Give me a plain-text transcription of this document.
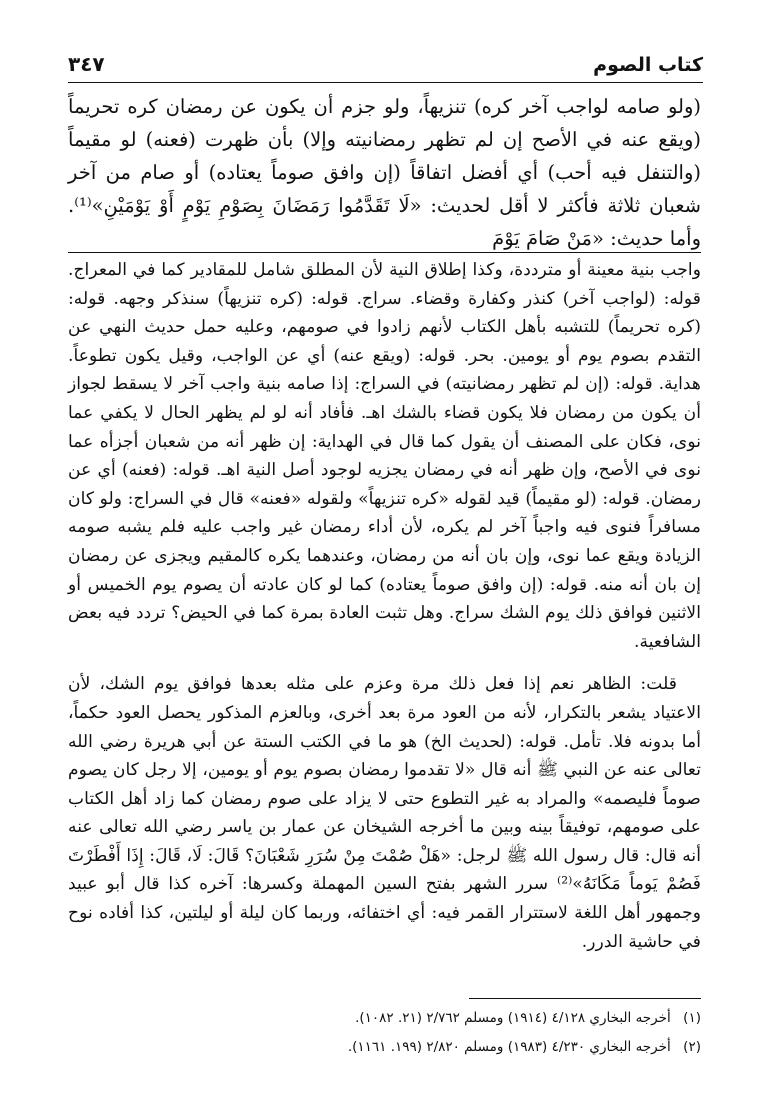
كتاب الصوم
٣٤٧

(ولو صامه لواجب آخر كره) تنزيهاً، ولو جزم أن يكون عن رمضان كره تحريماً (ويقع عنه في الأصح إن لم تظهر رمضانيته وإلا) بأن ظهرت (فعنه) لو مقيماً (والتنفل فيه أحب) أي أفضل اتفاقاً (إن وافق صوماً يعتاده) أو صام من آخر شعبان ثلاثة فأكثر لا أقل لحديث: «لَا تَقَدَّمُوا رَمَضَانَ بِصَوْمِ يَوْمٍ أَوْ يَوْمَيْنِ»⁽¹⁾. وأما حديث: «مَنْ صَامَ يَوْمَ

واجب بنية معينة أو مترددة، وكذا إطلاق النية لأن المطلق شامل للمقادير كما في المعراج. قوله: (لواجب آخر) كنذر وكفارة وقضاء. سراج. قوله: (كره تنزيهاً) سنذكر وجهه. قوله: (كره تحريماً) للتشبه بأهل الكتاب لأنهم زادوا في صومهم، وعليه حمل حديث النهي عن التقدم بصوم يوم أو يومين. بحر. قوله: (ويقع عنه) أي عن الواجب، وقيل يكون تطوعاً. هداية. قوله: (إن لم تظهر رمضانيته) في السراج: إذا صامه بنية واجب آخر لا يسقط لجواز أن يكون من رمضان فلا يكون قضاء بالشك اهـ. فأفاد أنه لو لم يظهر الحال لا يكفي عما نوى، فكان على المصنف أن يقول كما قال في الهداية: إن ظهر أنه من شعبان أجزأه عما نوى في الأصح، وإن ظهر أنه في رمضان يجزيه لوجود أصل النية اهـ. قوله: (فعنه) أي عن رمضان. قوله: (لو مقيماً) قيد لقوله «كره تنزيهاً» ولقوله «فعنه» قال في السراج: ولو كان مسافراً فنوى فيه واجباً آخر لم يكره، لأن أداء رمضان غير واجب عليه فلم يشبه صومه الزيادة ويقع عما نوى، وإن بان أنه من رمضان، وعندهما يكره كالمقيم ويجزى عن رمضان إن بان أنه منه. قوله: (إن وافق صوماً يعتاده) كما لو كان عادته أن يصوم يوم الخميس أو الاثنين فوافق ذلك يوم الشك سراج. وهل تثبت العادة بمرة كما في الحيض؟ تردد فيه بعض الشافعية.

قلت: الظاهر نعم إذا فعل ذلك مرة وعزم على مثله بعدها فوافق يوم الشك، لأن الاعتياد يشعر بالتكرار، لأنه من العود مرة بعد أخرى، وبالعزم المذكور يحصل العود حكماً، أما بدونه فلا. تأمل. قوله: (لحديث الخ) هو ما في الكتب الستة عن أبي هريرة رضي الله تعالى عنه عن النبي ﷺ أنه قال «لا تقدموا رمضان بصوم يوم أو يومين، إلا رجل كان يصوم صوماً فليصمه» والمراد به غير التطوع حتى لا يزاد على صوم رمضان كما زاد أهل الكتاب على صومهم، توفيقاً بينه وبين ما أخرجه الشيخان عن عمار بن ياسر رضي الله تعالى عنه أنه قال: قال رسول الله ﷺ لرجل: «هَلْ صُمْتَ مِنْ سُرَرِ شَعْبَانَ؟ قَالَ: لَا، قَالَ: إِذَا أَفْطَرْتَ فَصُمْ يَوماً مَكَانَهُ»⁽²⁾ سرر الشهر بفتح السين المهملة وكسرها: آخره كذا قال أبو عبيد وجمهور أهل اللغة لاستترار القمر فيه: أي اختفائه، وربما كان ليلة أو ليلتين، كذا أفاده نوح في حاشية الدرر.

(١) أخرجه البخاري ٤/١٢٨ (١٩١٤) ومسلم ٢/٧٦٢ (٢١. ١٠٨٢).
(٢) أخرجه البخاري ٤/٢٣٠ (١٩٨٣) ومسلم ٢/٨٢٠ (١٩٩. ١١٦١).
